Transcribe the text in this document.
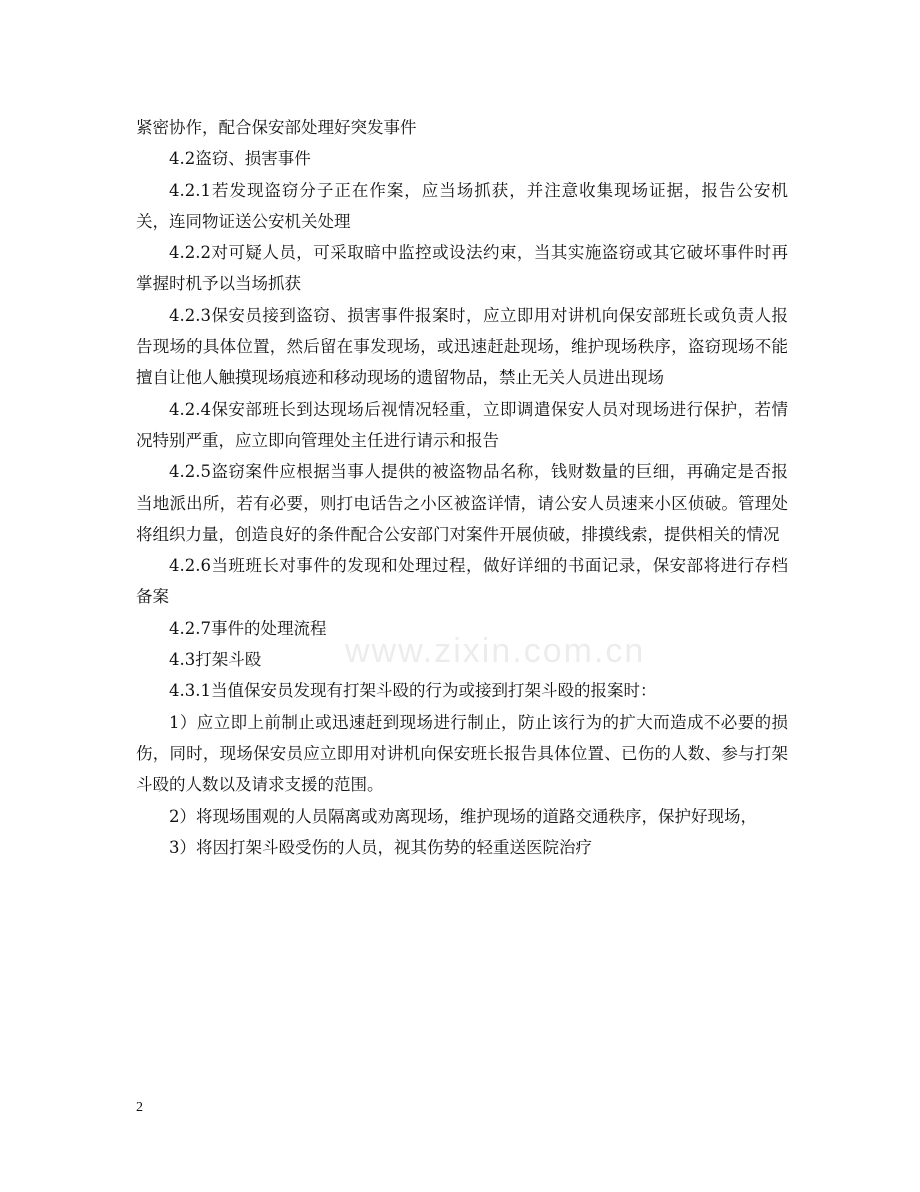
紧密协作，配合保安部处理好突发事件

4.2盗窃、损害事件

4.2.1若发现盗窃分子正在作案，应当场抓获，并注意收集现场证据，报告公安机关，连同物证送公安机关处理

4.2.2对可疑人员，可采取暗中监控或设法约束，当其实施盗窃或其它破坏事件时再掌握时机予以当场抓获

4.2.3保安员接到盗窃、损害事件报案时，应立即用对讲机向保安部班长或负责人报告现场的具体位置，然后留在事发现场，或迅速赶赴现场，维护现场秩序，盗窃现场不能擅自让他人触摸现场痕迹和移动现场的遗留物品，禁止无关人员进出现场

4.2.4保安部班长到达现场后视情况轻重，立即调遣保安人员对现场进行保护，若情况特别严重，应立即向管理处主任进行请示和报告

4.2.5盗窃案件应根据当事人提供的被盗物品名称，钱财数量的巨细，再确定是否报当地派出所，若有必要，则打电话告之小区被盗详情，请公安人员速来小区侦破。管理处将组织力量，创造良好的条件配合公安部门对案件开展侦破，排摸线索，提供相关的情况

4.2.6当班班长对事件的发现和处理过程，做好详细的书面记录，保安部将进行存档备案

4.2.7事件的处理流程

4.3打架斗殴

4.3.1当值保安员发现有打架斗殴的行为或接到打架斗殴的报案时：

1）应立即上前制止或迅速赶到现场进行制止，防止该行为的扩大而造成不必要的损伤，同时，现场保安员应立即用对讲机向保安班长报告具体位置、已伤的人数、参与打架斗殴的人数以及请求支援的范围。

2）将现场围观的人员隔离或劝离现场，维护现场的道路交通秩序，保护好现场，

3）将因打架斗殴受伤的人员，视其伤势的轻重送医院治疗

www.zixin.com.cn
2
